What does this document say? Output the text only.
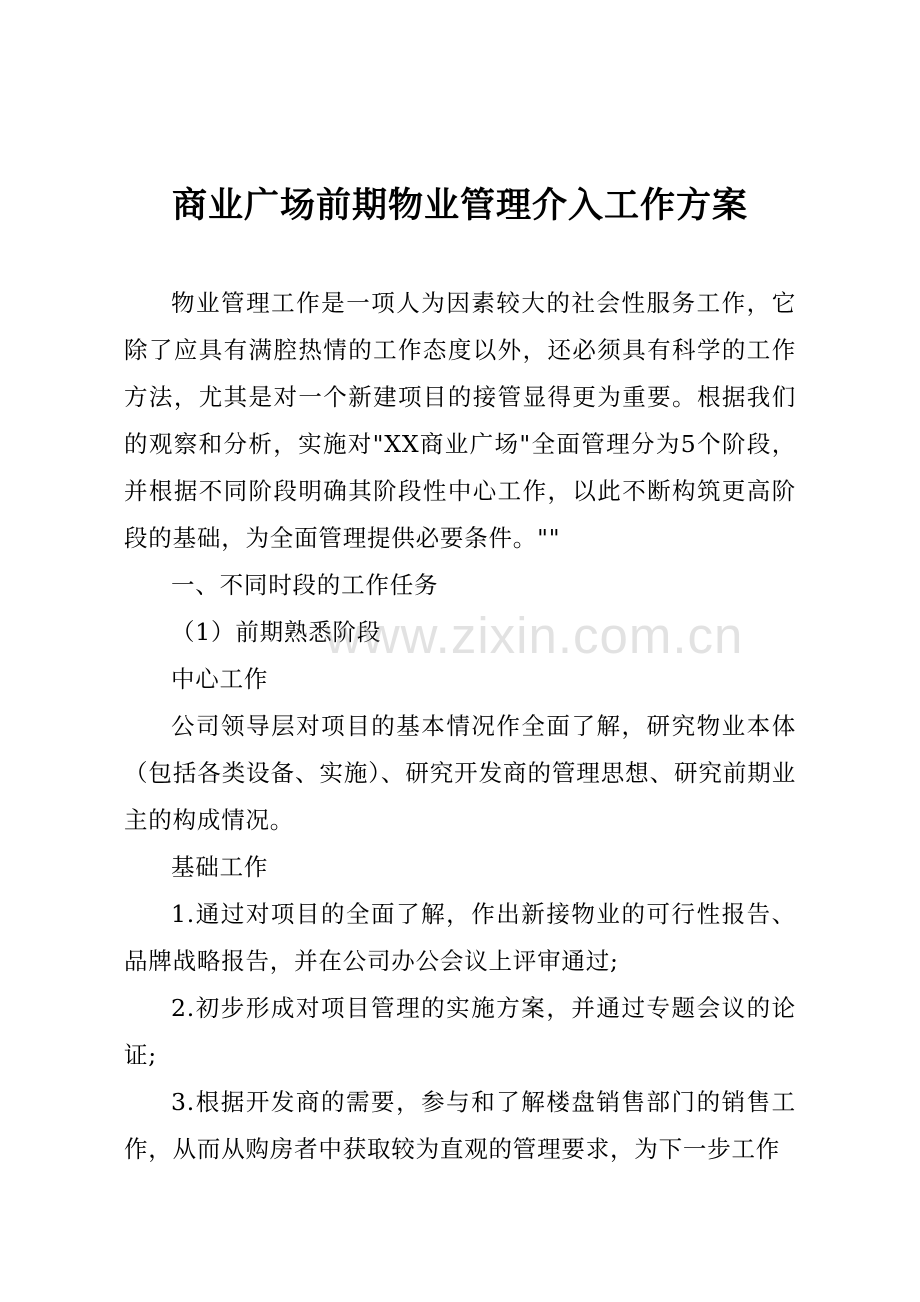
商业广场前期物业管理介入工作方案

物业管理工作是一项人为因素较大的社会性服务工作，它除了应具有满腔热情的工作态度以外，还必须具有科学的工作方法，尤其是对一个新建项目的接管显得更为重要。根据我们的观察和分析，实施对"XX商业广场"全面管理分为5个阶段，并根据不同阶段明确其阶段性中心工作，以此不断构筑更高阶段的基础，为全面管理提供必要条件。""

一、不同时段的工作任务

（1）前期熟悉阶段

中心工作

公司领导层对项目的基本情况作全面了解，研究物业本体（包括各类设备、实施）、研究开发商的管理思想、研究前期业主的构成情况。

基础工作

1.通过对项目的全面了解，作出新接物业的可行性报告、品牌战略报告，并在公司办公会议上评审通过;

2.初步形成对项目管理的实施方案，并通过专题会议的论证;

3.根据开发商的需要，参与和了解楼盘销售部门的销售工作，从而从购房者中获取较为直观的管理要求，为下一步工作

www.zixin.com.cn
